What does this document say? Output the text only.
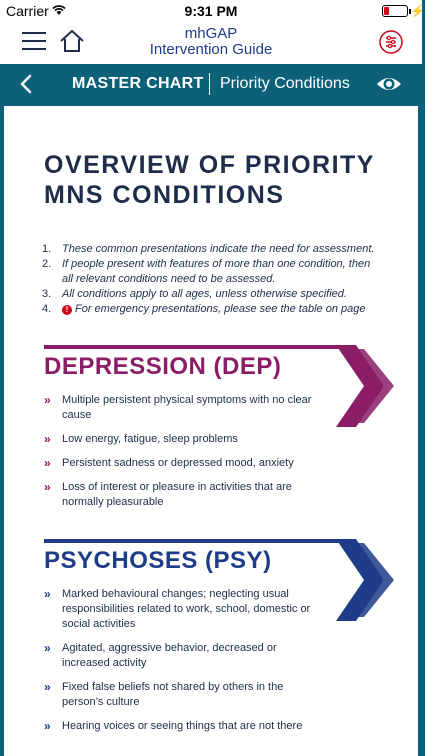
Carrier	9:31 PM	⚡
mhGAP
Intervention Guide
MASTER CHART Priority Conditions
OVERVIEW OF PRIORITY
MNS CONDITIONS
1. These common presentations indicate the need for assessment.
2. If people present with features of more than one condition, then all relevant conditions need to be assessed.
3. All conditions apply to all ages, unless otherwise specified.
4. ! For emergency presentations, please see the table on page
DEPRESSION (DEP)
» Multiple persistent physical symptoms with no clear cause
» Low energy, fatigue, sleep problems
» Persistent sadness or depressed mood, anxiety
» Loss of interest or pleasure in activities that are normally pleasurable
PSYCHOSES (PSY)
» Marked behavioural changes; neglecting usual responsibilities related to work, school, domestic or social activities
» Agitated, aggressive behavior, decreased or increased activity
» Fixed false beliefs not shared by others in the person’s culture
» Hearing voices or seeing things that are not there
